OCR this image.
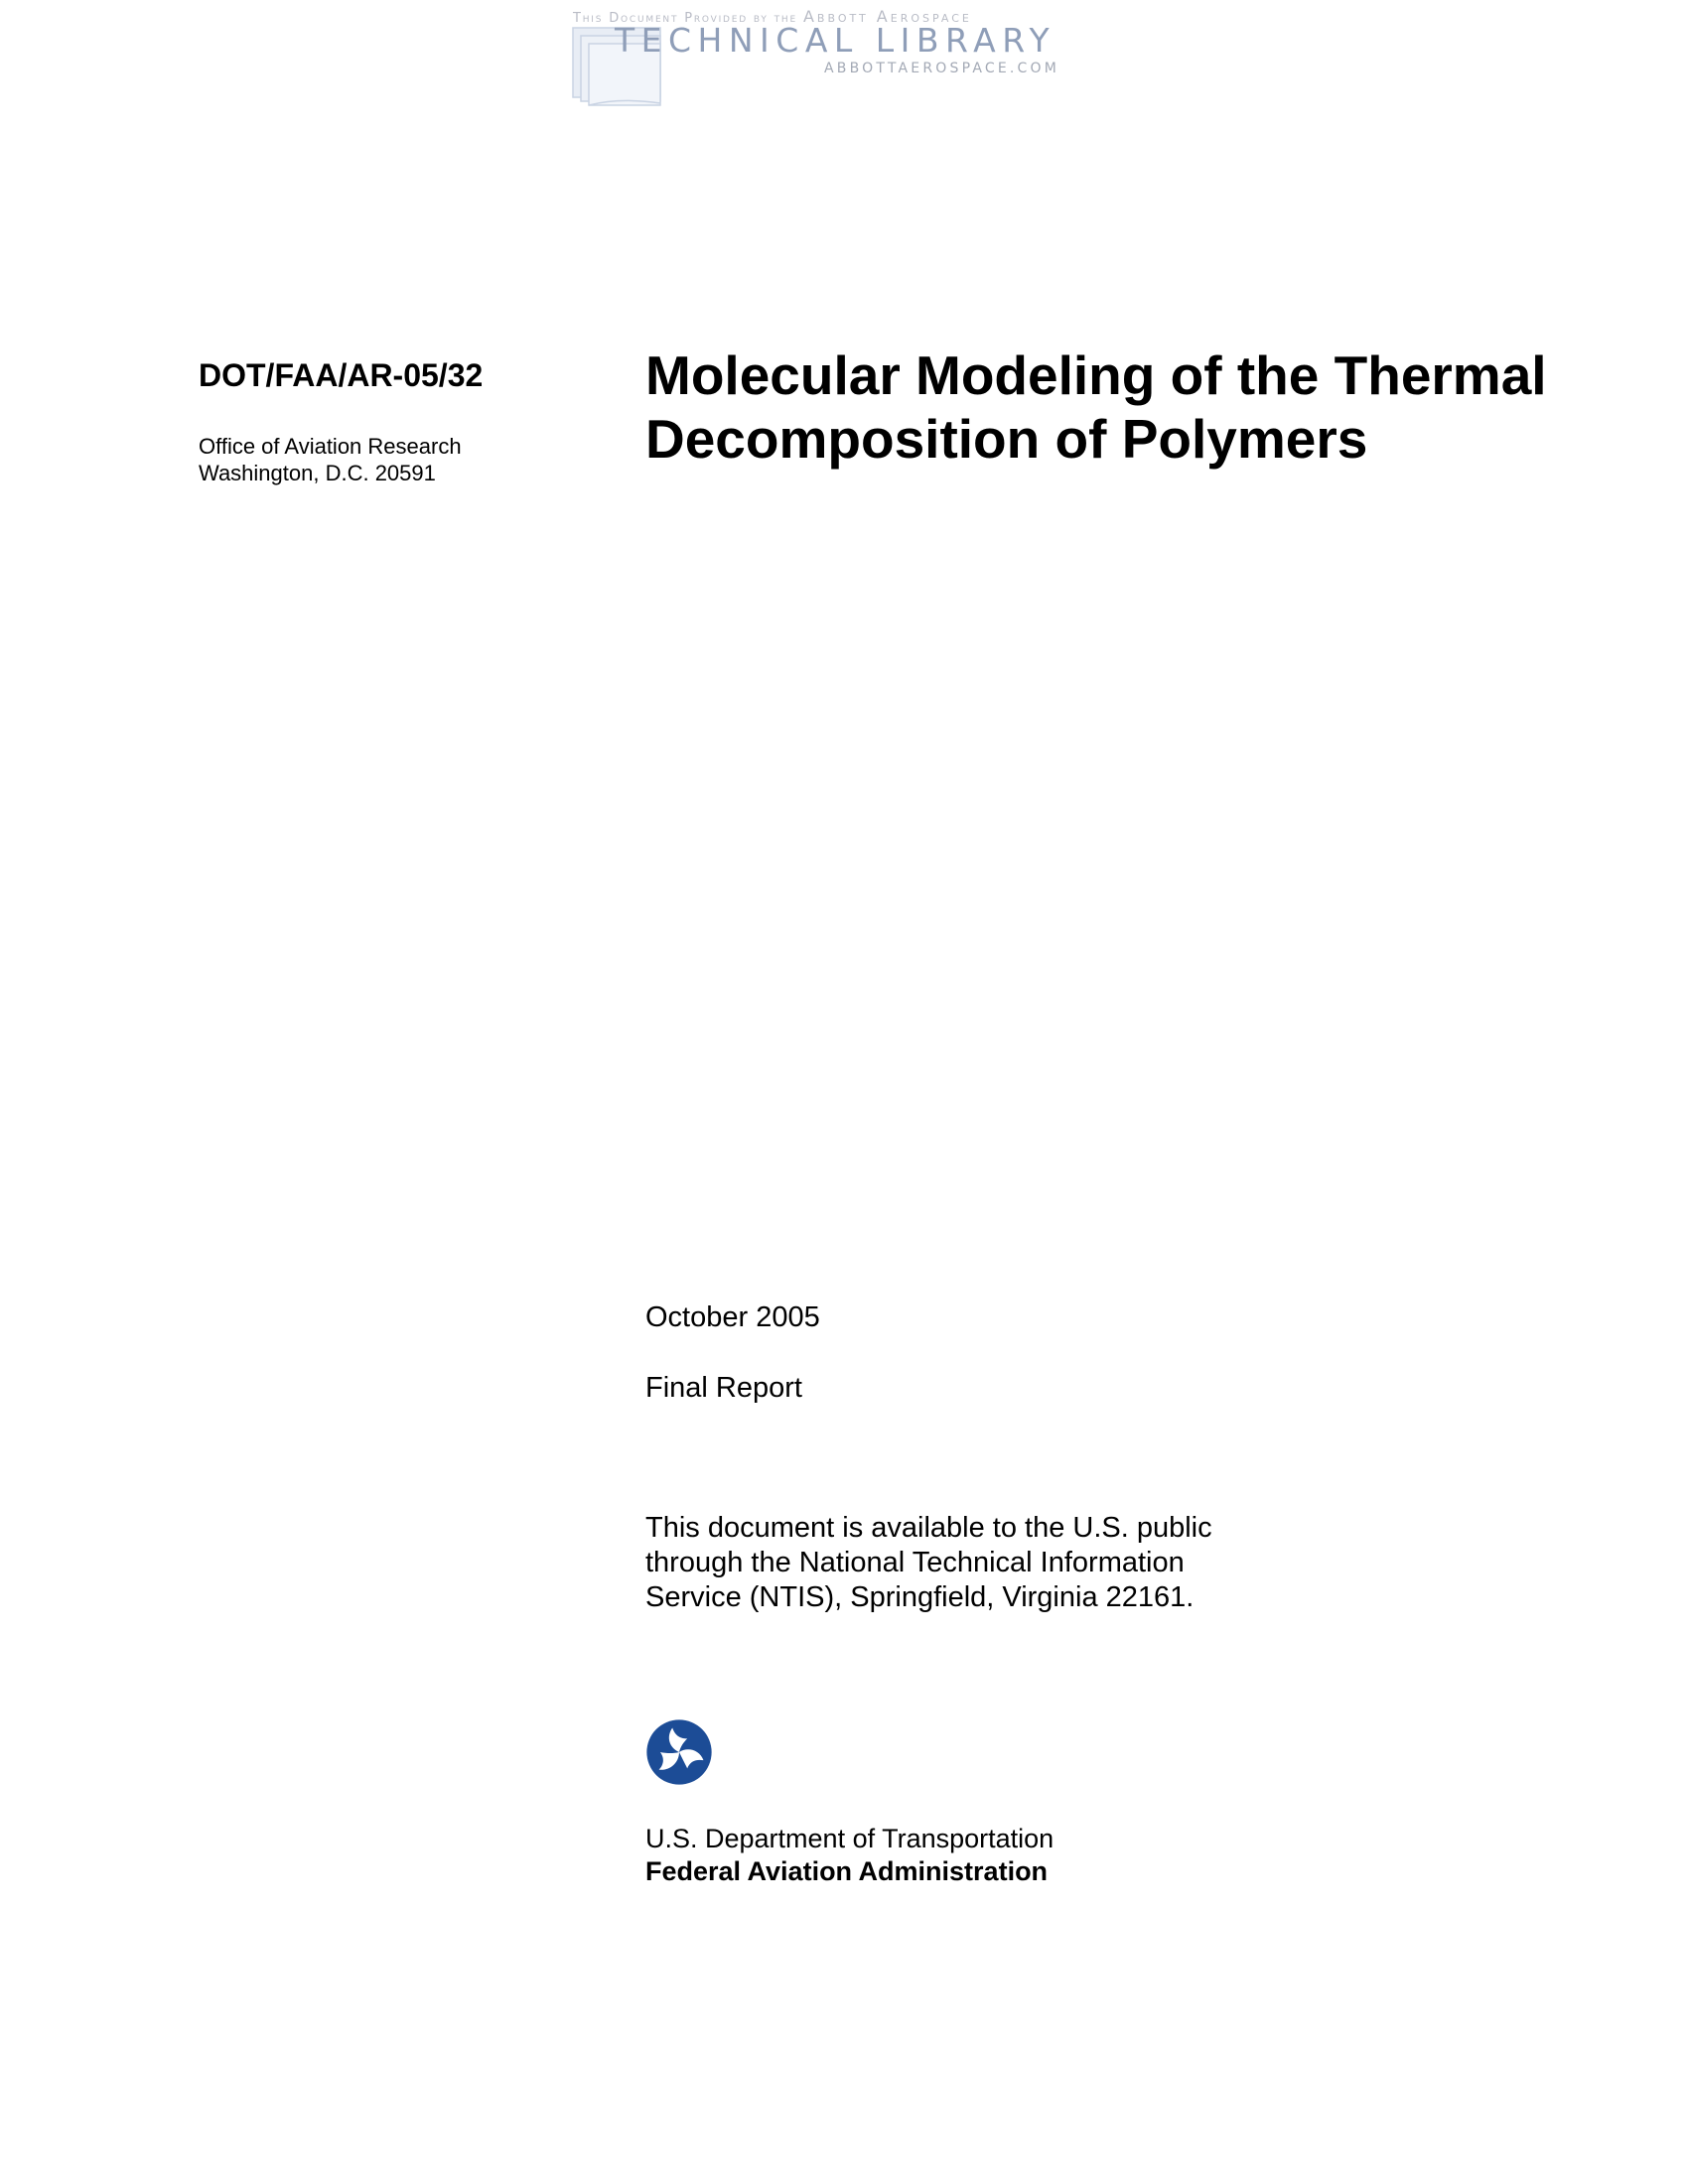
This Document Provided by the Abbott Aerospace
TECHNICAL LIBRARY
ABBOTTAEROSPACE.COM
DOT/FAA/AR-05/32
Office of Aviation Research
Washington, D.C. 20591
Molecular Modeling of the Thermal
Decomposition of Polymers
October 2005
Final Report
This document is available to the U.S. public
through the National Technical Information
Service (NTIS), Springfield, Virginia 22161.
U.S. Department of Transportation
Federal Aviation Administration
